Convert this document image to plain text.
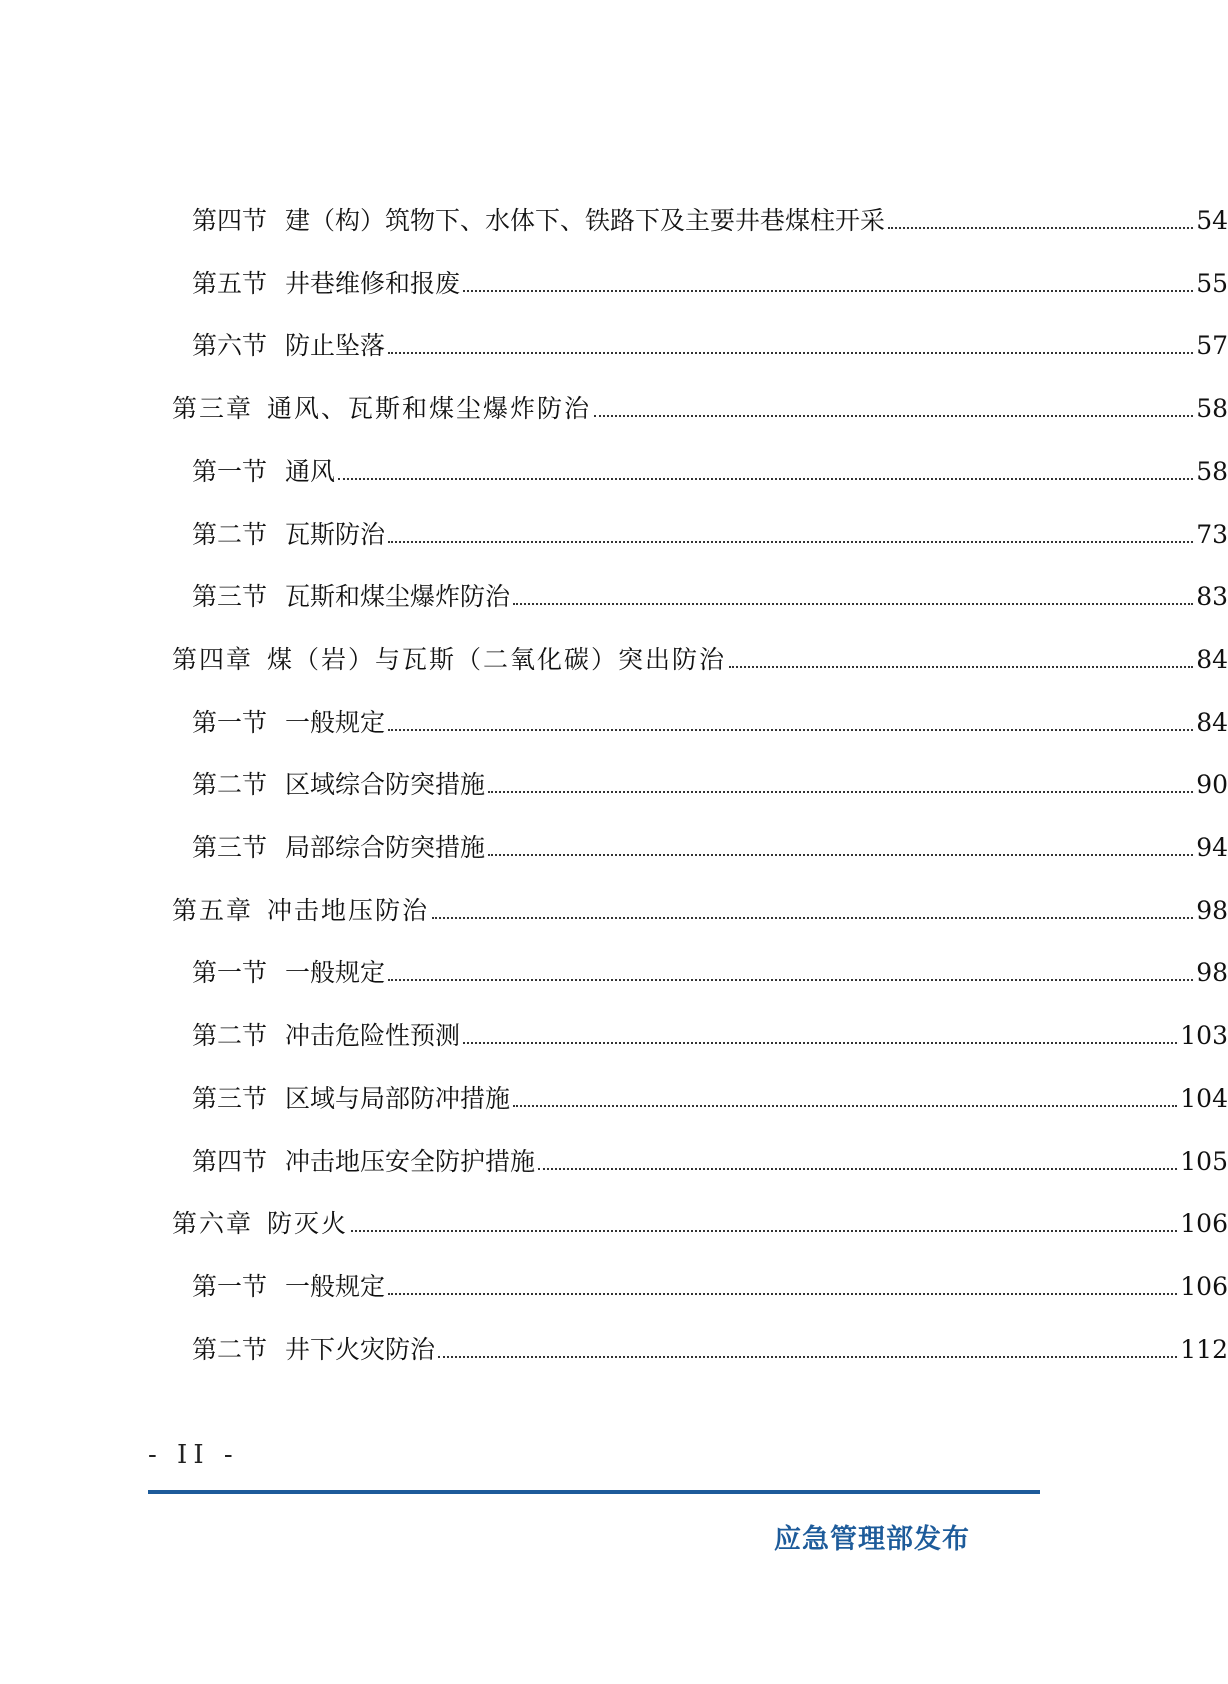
第四节 建（构）筑物下、水体下、铁路下及主要井巷煤柱开采	54
第五节 井巷维修和报废	55
第六节 防止坠落	57
第三章 通风、瓦斯和煤尘爆炸防治	58
第一节 通风	58
第二节 瓦斯防治	73
第三节 瓦斯和煤尘爆炸防治	83
第四章 煤（岩）与瓦斯（二氧化碳）突出防治	84
第一节 一般规定	84
第二节 区域综合防突措施	90
第三节 局部综合防突措施	94
第五章 冲击地压防治	98
第一节 一般规定	98
第二节 冲击危险性预测	103
第三节 区域与局部防冲措施	104
第四节 冲击地压安全防护措施	105
第六章 防灭火	106
第一节 一般规定	106
第二节 井下火灾防治	112
- II -
应急管理部发布
